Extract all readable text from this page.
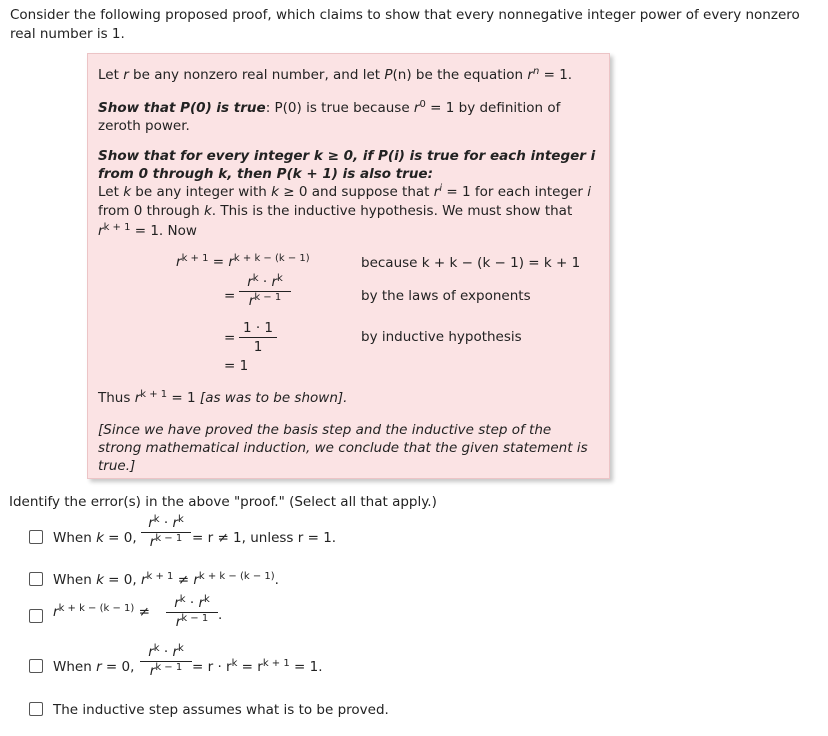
Consider the following proposed proof, which claims to show that every nonnegative integer power of every nonzero real number is 1.
Let r be any nonzero real number, and let P(n) be the equation $r^n = 1$.
Show that P(0) is true: P(0) is true because $r^0 = 1$ by definition of
zeroth power.
Show that for every integer k ≥ 0, if P(i) is true for each integer i
from 0 through k, then P(k + 1) is also true:
Let k be any integer with k ≥ 0 and suppose that $r^i = 1$ for each integer i
from 0 through k. This is the inductive hypothesis. We must show that
$r^{k + 1} = 1$. Now
$r^{k + 1} = r^{k + k - (k - 1)}$	because k + k − (k − 1) = k + 1
=
$r^k \cdot r^k$
$r^{k - 1}$	by the laws of exponents
=
1 · 1
1
by inductive hypothesis
= 1
Thus $r^{k + 1} = 1$ [as was to be shown].
[Since we have proved the basis step and the inductive step of the strong mathematical induction, we conclude that the given statement is true.]
Identify the error(s) in the above "proof." (Select all that apply.)
When k = 0,
$r^k \cdot r^k$
$r^{k - 1} = r \ne 1$, unless r = 1.
When k = 0, $r^{k + 1} \ne r^{k + k - (k - 1)}$.
$r^{k + k - (k - 1)}$ ≠
$r^k \cdot r^k$
$r^{k - 1}$ .
When r = 0,
$r^k \cdot r^k$
$r^{k - 1} = r \cdot r^k = r^{k + 1} = 1$.
The inductive step assumes what is to be proved.
